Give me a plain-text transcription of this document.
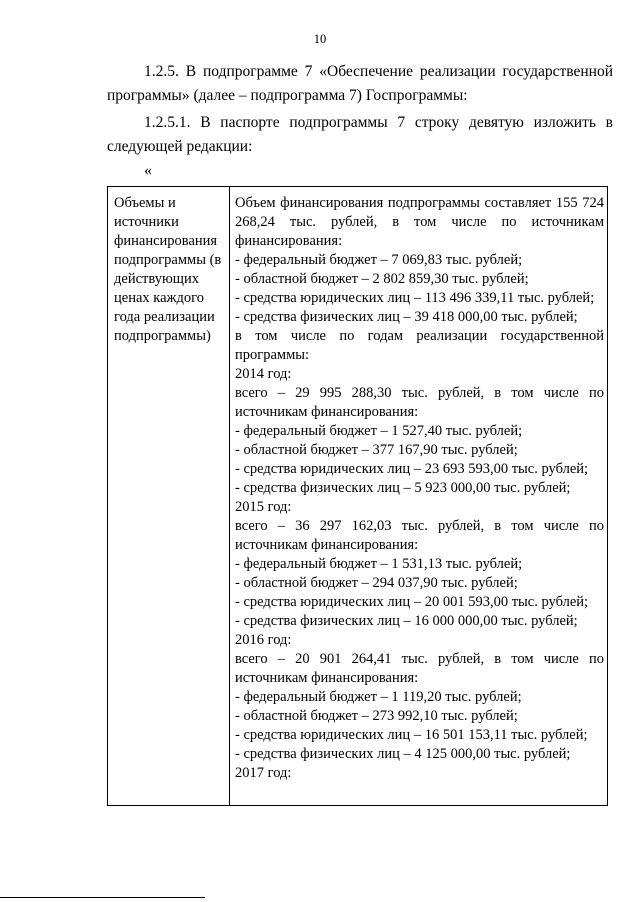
10
1.2.5. В подпрограмме 7 «Обеспечение реализации государственной программы» (далее – подпрограмма 7) Госпрограммы:
1.2.5.1. В паспорте подпрограммы 7 строку девятую изложить в следующей редакции:
«
Объемы и источники финансирования подпрограммы (в действующих ценах каждого года реализации подпрограммы)
Объем финансирования подпрограммы составляет 155 724 268,24 тыс. рублей, в том числе по источникам финансирования:
- федеральный бюджет – 7 069,83 тыс. рублей;
- областной бюджет – 2 802 859,30 тыс. рублей;
- средства юридических лиц – 113 496 339,11 тыс. рублей;
- средства физических лиц – 39 418 000,00 тыс. рублей;
в том числе по годам реализации государственной программы:
2014 год:
всего – 29 995 288,30 тыс. рублей, в том числе по источникам финансирования:
- федеральный бюджет – 1 527,40 тыс. рублей;
- областной бюджет – 377 167,90 тыс. рублей;
- средства юридических лиц – 23 693 593,00 тыс. рублей;
- средства физических лиц – 5 923 000,00 тыс. рублей;
2015 год:
всего – 36 297 162,03 тыс. рублей, в том числе по источникам финансирования:
- федеральный бюджет – 1 531,13 тыс. рублей;
- областной бюджет – 294 037,90 тыс. рублей;
- средства юридических лиц – 20 001 593,00 тыс. рублей;
- средства физических лиц – 16 000 000,00 тыс. рублей;
2016 год:
всего – 20 901 264,41 тыс. рублей, в том числе по источникам финансирования:
- федеральный бюджет – 1 119,20 тыс. рублей;
- областной бюджет – 273 992,10 тыс. рублей;
- средства юридических лиц – 16 501 153,11 тыс. рублей;
- средства физических лиц – 4 125 000,00 тыс. рублей;
2017 год:
